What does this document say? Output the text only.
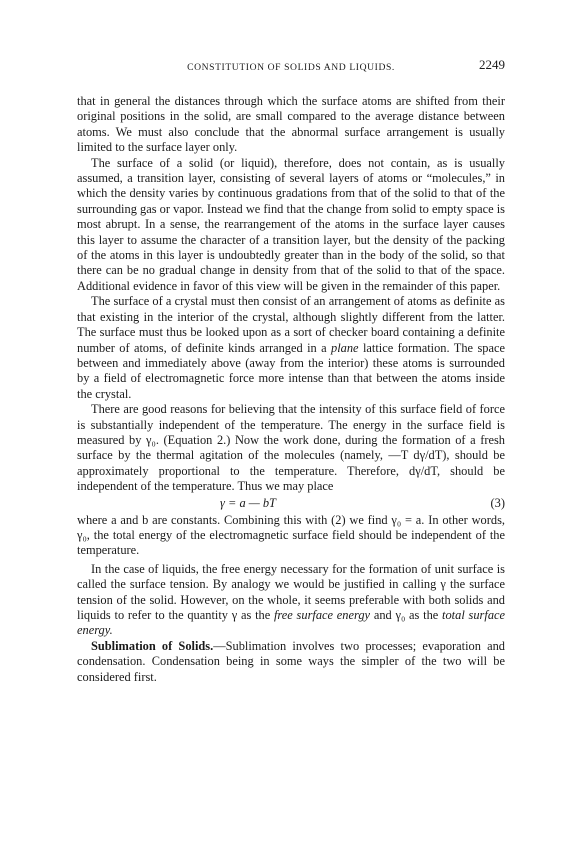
CONSTITUTION OF SOLIDS AND LIQUIDS.	2249

that in general the distances through which the surface atoms are shifted from their original positions in the solid, are small compared to the average distance between atoms. We must also conclude that the abnormal surface arrangement is usually limited to the surface layer only.

The surface of a solid (or liquid), therefore, does not contain, as is usually assumed, a transition layer, consisting of several layers of atoms or “molecules,” in which the density varies by continuous gradations from that of the solid to that of the surrounding gas or vapor. Instead we find that the change from solid to empty space is most abrupt. In a sense, the rearrangement of the atoms in the surface layer causes this layer to assume the character of a transition layer, but the density of the packing of the atoms in this layer is undoubtedly greater than in the body of the solid, so that there can be no gradual change in density from that of the solid to that of the space. Additional evidence in favor of this view will be given in the remainder of this paper.

The surface of a crystal must then consist of an arrangement of atoms as definite as that existing in the interior of the crystal, although slightly different from the latter. The surface must thus be looked upon as a sort of checker board containing a definite number of atoms, of definite kinds arranged in a plane lattice formation. The space between and immediately above (away from the interior) these atoms is surrounded by a field of electromagnetic force more intense than that between the atoms inside the crystal.

There are good reasons for believing that the intensity of this surface field of force is substantially independent of the temperature. The energy in the surface field is measured by γ₀. (Equation 2.) Now the work done, during the formation of a fresh surface by the thermal agitation of the molecules (namely, —T dγ/dT), should be approximately proportional to the temperature. Therefore, dγ/dT, should be independent of the temperature. Thus we may place

γ = a — bT	(3)

where a and b are constants. Combining this with (2) we find γ₀ = a. In other words, γ₀, the total energy of the electromagnetic surface field should be independent of the temperature.

In the case of liquids, the free energy necessary for the formation of unit surface is called the surface tension. By analogy we would be justified in calling γ the surface tension of the solid. However, on the whole, it seems preferable with both solids and liquids to refer to the quantity γ as the free surface energy and γ₀ as the total surface energy.

Sublimation of Solids.—Sublimation involves two processes; evaporation and condensation. Condensation being in some ways the simpler of the two will be considered first.
